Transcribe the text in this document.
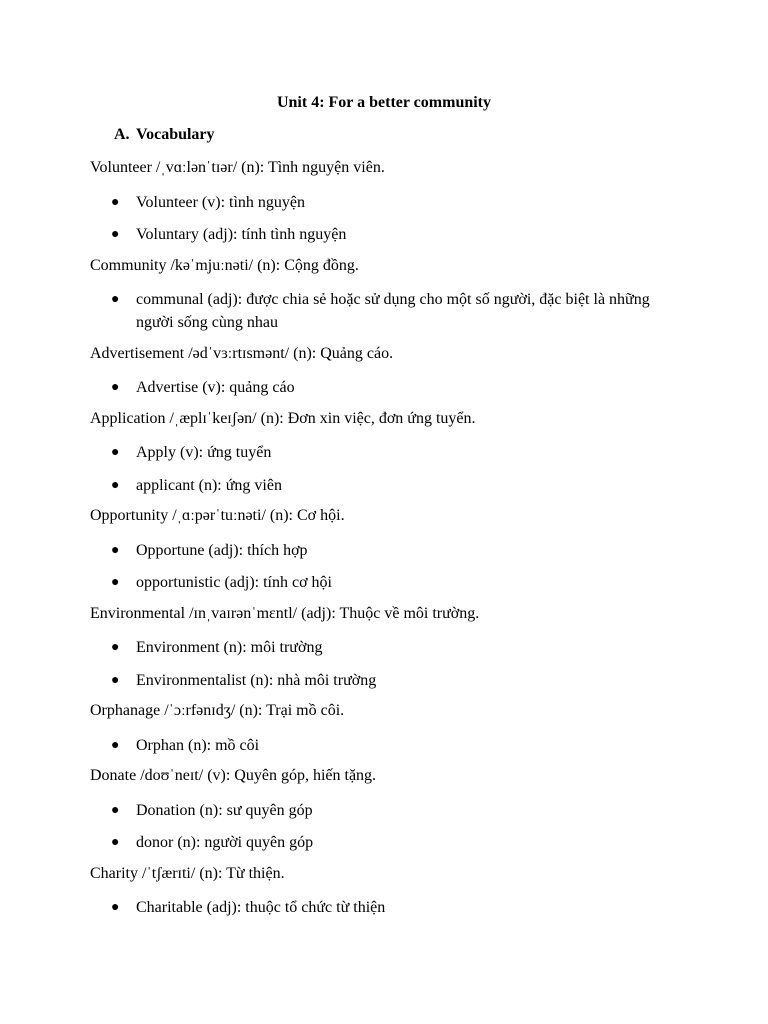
Unit 4: For a better community
A. Vocabulary

Volunteer /ˌvɑːlənˈtɪər/ (n): Tình nguyện viên.

● Volunteer (v): tình nguyện
● Voluntary (adj): tính tình nguyện

Community /kəˈmjuːnəti/ (n): Cộng đồng.

● communal (adj): được chia sẻ hoặc sử dụng cho một số người, đặc biệt là những người sống cùng nhau

Advertisement /ədˈvɜːrtɪsmənt/ (n): Quảng cáo.

● Advertise (v): quảng cáo

Application /ˌæplɪˈkeɪʃən/ (n): Đơn xin việc, đơn ứng tuyển.

● Apply (v): ứng tuyển
● applicant (n): ứng viên

Opportunity /ˌɑːpərˈtuːnəti/ (n): Cơ hội.

● Opportune (adj): thích hợp
● opportunistic (adj): tính cơ hội

Environmental /ɪnˌvaɪrənˈmɛntl/ (adj): Thuộc về môi trường.

● Environment (n): môi trường
● Environmentalist (n): nhà môi trường

Orphanage /ˈɔːrfənɪdʒ/ (n): Trại mồ côi.

● Orphan (n): mồ côi

Donate /doʊˈneɪt/ (v): Quyên góp, hiến tặng.

● Donation (n): sư quyên góp
● donor (n): người quyên góp

Charity /ˈtʃærɪti/ (n): Từ thiện.

● Charitable (adj): thuộc tổ chức từ thiện
